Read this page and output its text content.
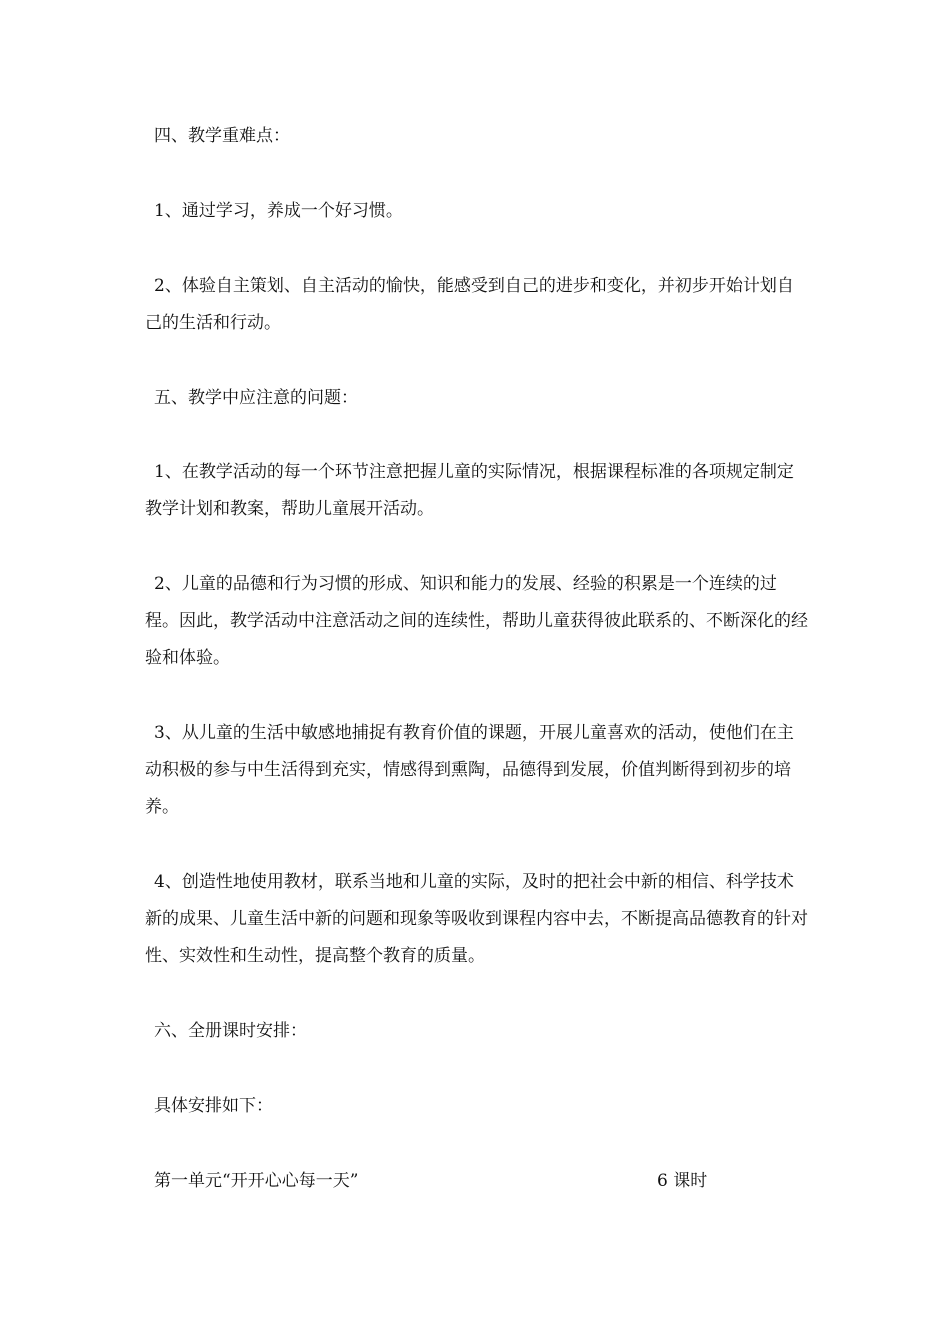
四、教学重难点：

1、通过学习，养成一个好习惯。

2、体验自主策划、自主活动的愉快，能感受到自己的进步和变化，并初步开始计划自己的生活和行动。

五、教学中应注意的问题：

1、在教学活动的每一个环节注意把握儿童的实际情况，根据课程标准的各项规定制定教学计划和教案，帮助儿童展开活动。

2、儿童的品德和行为习惯的形成、知识和能力的发展、经验的积累是一个连续的过程。因此，教学活动中注意活动之间的连续性，帮助儿童获得彼此联系的、不断深化的经验和体验。

3、从儿童的生活中敏感地捕捉有教育价值的课题，开展儿童喜欢的活动，使他们在主动积极的参与中生活得到充实，情感得到熏陶，品德得到发展，价值判断得到初步的培养。

4、创造性地使用教材，联系当地和儿童的实际，及时的把社会中新的相信、科学技术新的成果、儿童生活中新的问题和现象等吸收到课程内容中去，不断提高品德教育的针对性、实效性和生动性，提高整个教育的质量。

六、全册课时安排：

具体安排如下：

第一单元“开开心心每一天”	6 课时
